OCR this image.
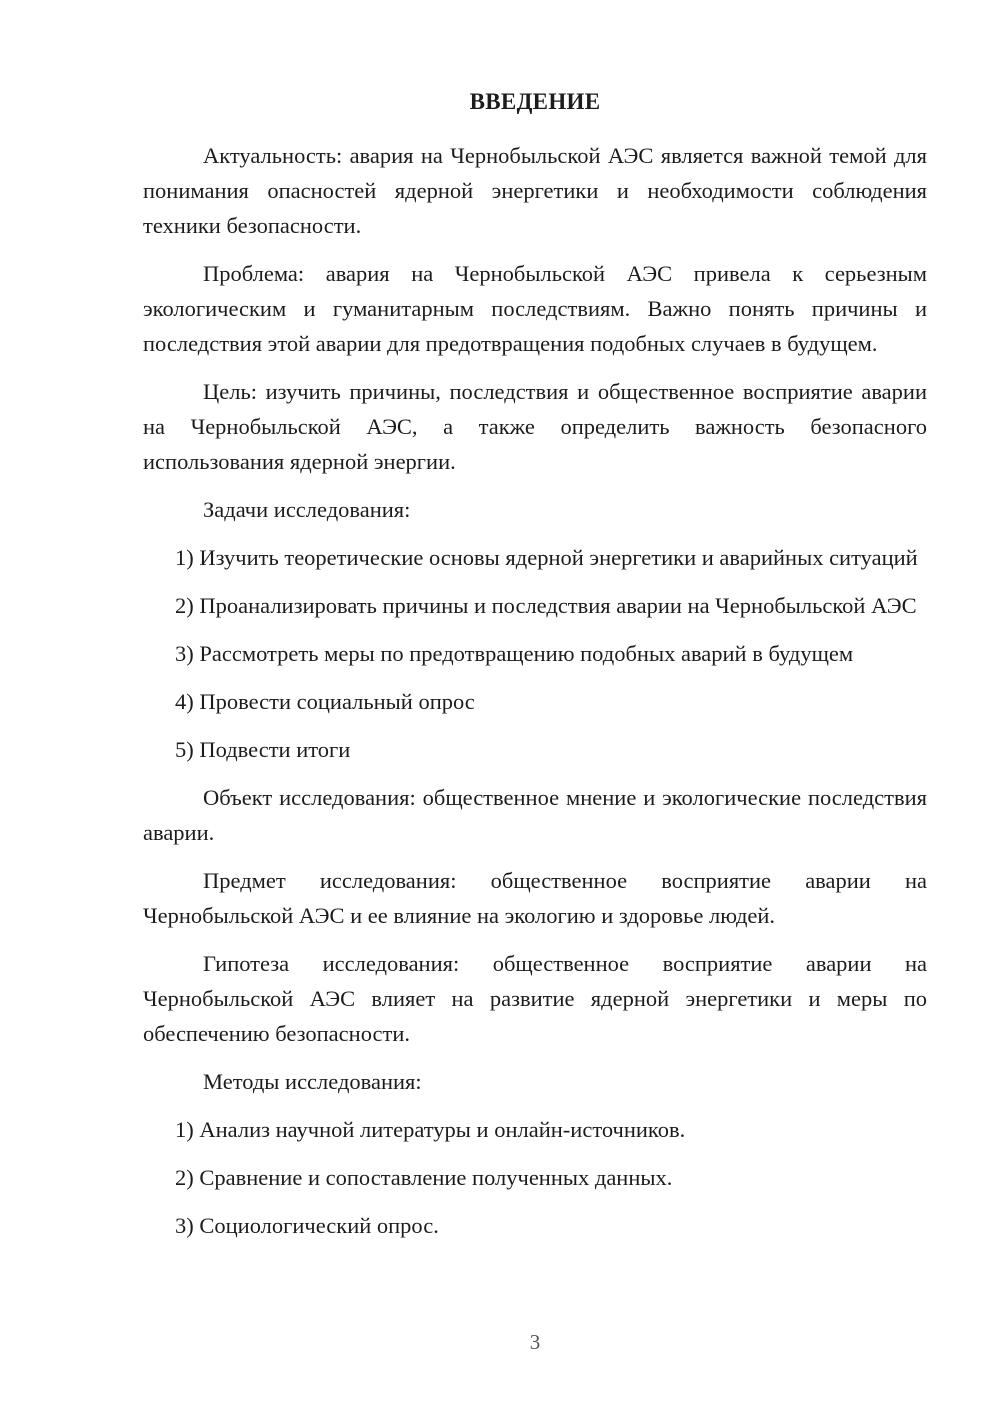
ВВЕДЕНИЕ

Актуальность: авария на Чернобыльской АЭС является важной темой для понимания опасностей ядерной энергетики и необходимости соблюдения техники безопасности.

Проблема: авария на Чернобыльской АЭС привела к серьезным экологическим и гуманитарным последствиям. Важно понять причины и последствия этой аварии для предотвращения подобных случаев в будущем.

Цель: изучить причины, последствия и общественное восприятие аварии на Чернобыльской АЭС, а также определить важность безопасного использования ядерной энергии.

Задачи исследования:

1) Изучить теоретические основы ядерной энергетики и аварийных ситуаций

2) Проанализировать причины и последствия аварии на Чернобыльской АЭС

3) Рассмотреть меры по предотвращению подобных аварий в будущем

4) Провести социальный опрос

5) Подвести итоги

Объект исследования: общественное мнение и экологические последствия аварии.

Предмет исследования: общественное восприятие аварии на Чернобыльской АЭС и ее влияние на экологию и здоровье людей.

Гипотеза исследования: общественное восприятие аварии на Чернобыльской АЭС влияет на развитие ядерной энергетики и меры по обеспечению безопасности.

Методы исследования:

1) Анализ научной литературы и онлайн-источников.

2) Сравнение и сопоставление полученных данных.

3) Социологический опрос.

3
